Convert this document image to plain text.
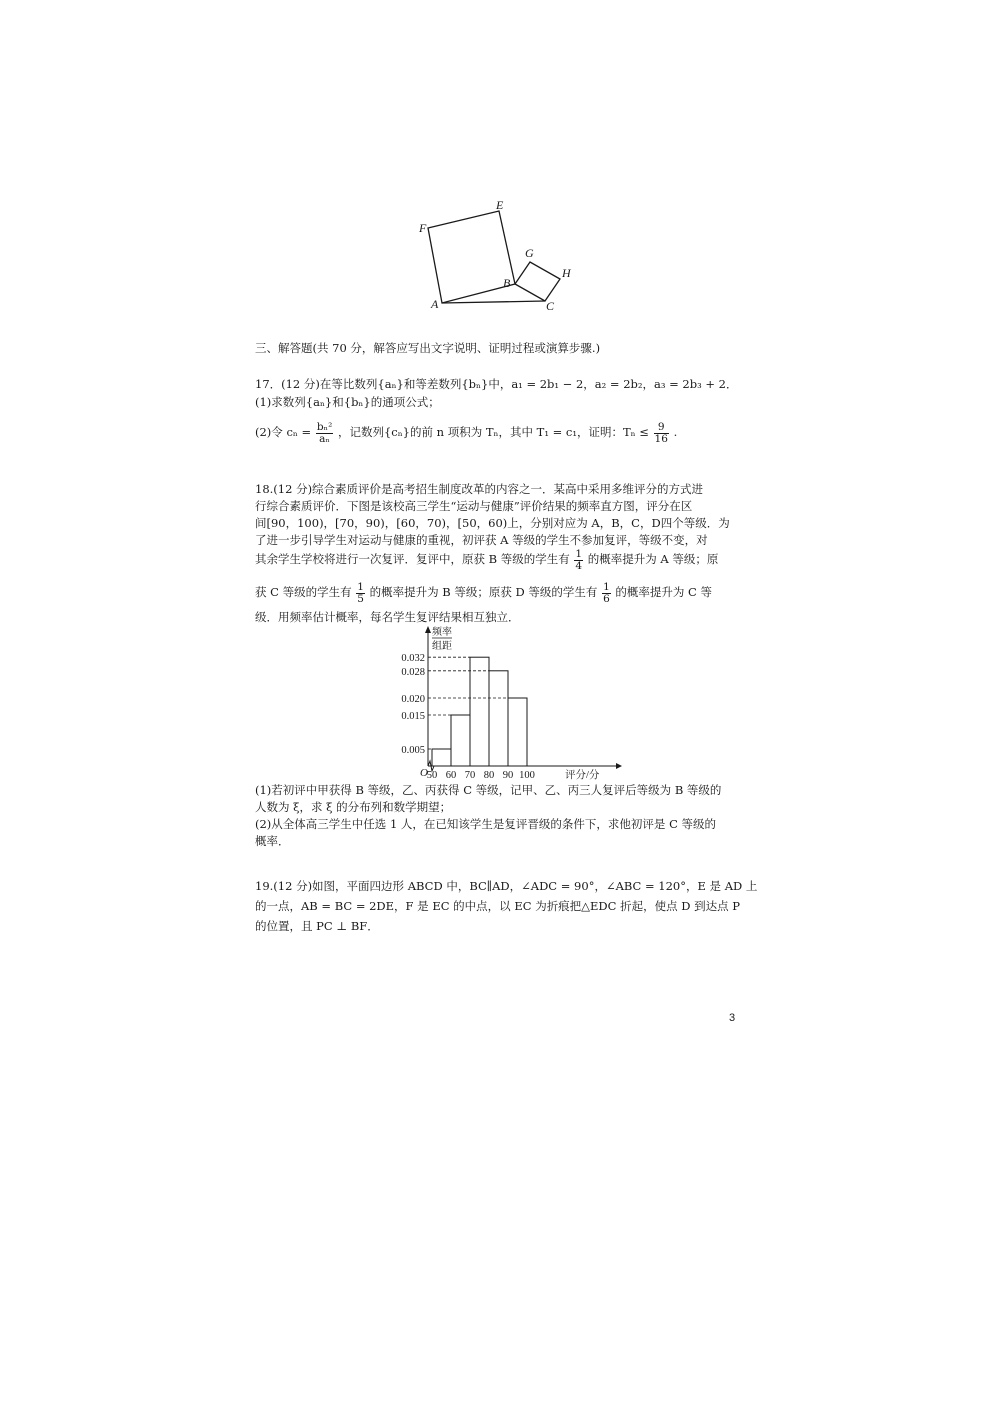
G
H
E
F
B
A	C
三、解答题(共 70 分，解答应写出文字说明、证明过程或演算步骤.)
17．(12 分)在等比数列{aₙ}和等差数列{bₙ}中，a₁ = 2b₁ − 2，a₂ = 2b₂，a₃ = 2b₃ + 2．
(1)求数列{aₙ}和{bₙ}的通项公式；
(2)令 $c_n = \frac{\text{bₙ²}}{\text{aₙ}}$ ，记数列{cₙ}的前 n 项积为 Tₙ，其中 T₁ = c₁，证明：$T_n \le \frac{9}{16}$ .
18.(12 分)综合素质评价是高考招生制度改革的内容之一．某高中采用多维评分的方式进
行综合素质评价．下图是该校高三学生“运动与健康”评价结果的频率直方图，评分在区
间[90，100)，[70，90)，[60，70)，[50，60)上，分别对应为 A，B，C，D四个等级．为
了进一步引导学生对运动与健康的重视，初评获 A 等级的学生不参加复评，等级不变，对
其余学生学校将进行一次复评．复评中，原获 B 等级的学生有 $\frac{1}{4}$ 的概率提升为 A 等级；原
获 C 等级的学生有 $\frac{1}{5}$ 的概率提升为 B 等级；原获 D 等级的学生有 $\frac{1}{6}$ 的概率提升为 C 等
级．用频率估计概率，每名学生复评结果相互独立．
频率
组距
0.005
0.015
0.020
0.028
0.032
50 60 70 80 90 100
O	评分/分
(1)若初评中甲获得 B 等级，乙、丙获得 C 等级，记甲、乙、丙三人复评后等级为 B 等级的
人数为 ξ，求 ξ 的分布列和数学期望；
(2)从全体高三学生中任选 1 人，在已知该学生是复评晋级的条件下，求他初评是 C 等级的
概率．
19.(12 分)如图，平面四边形 ABCD 中，BC∥AD，∠ADC = 90°，∠ABC = 120°，E 是 AD 上
的一点，AB = BC = 2DE，F 是 EC 的中点，以 EC 为折痕把△EDC 折起，使点 D 到达点 P
的位置，且 PC ⊥ BF．
3
